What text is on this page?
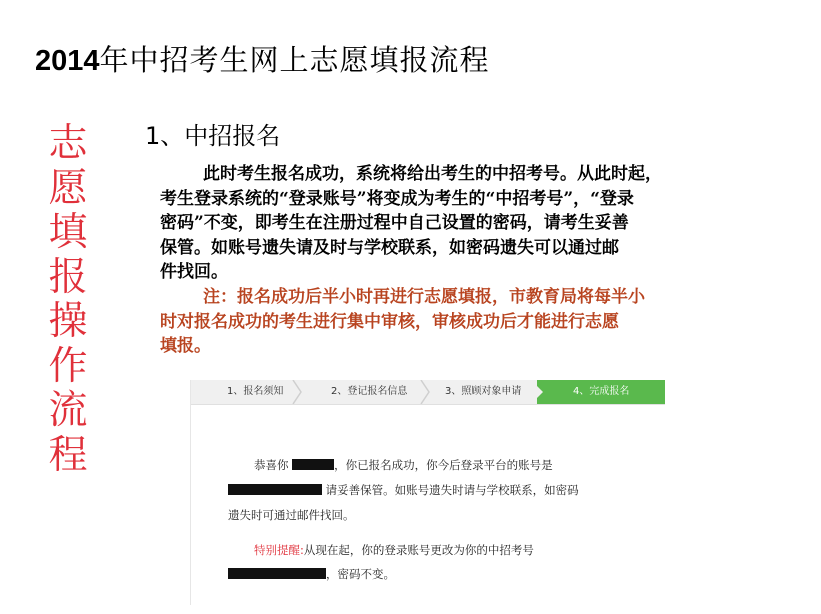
2014年中招考生网上志愿填报流程
志
愿
填
报
操
作
流
程
1、中招报名

此时考生报名成功，系统将给出考生的中招考号。从此时起，

考生登录系统的“登录账号”将变成为考生的“中招考号”，“登录

密码”不变，即考生在注册过程中自己设置的密码，请考生妥善

保管。如账号遗失请及时与学校联系，如密码遗失可以通过邮

件找回。

注：报名成功后半小时再进行志愿填报，市教育局将每半小

时对报名成功的考生进行集中审核，审核成功后才能进行志愿

填报。

1、报名须知	2、登记报名信息	3、照顾对象申请	4、完成报名
恭喜你	，你已报名成功，你今后登录平台的账号是
请妥善保管。如账号遗失时请与学校联系，如密码
遗失时可通过邮件找回。
特别提醒:从现在起，你的登录账号更改为你的中招考号
，密码不变。
